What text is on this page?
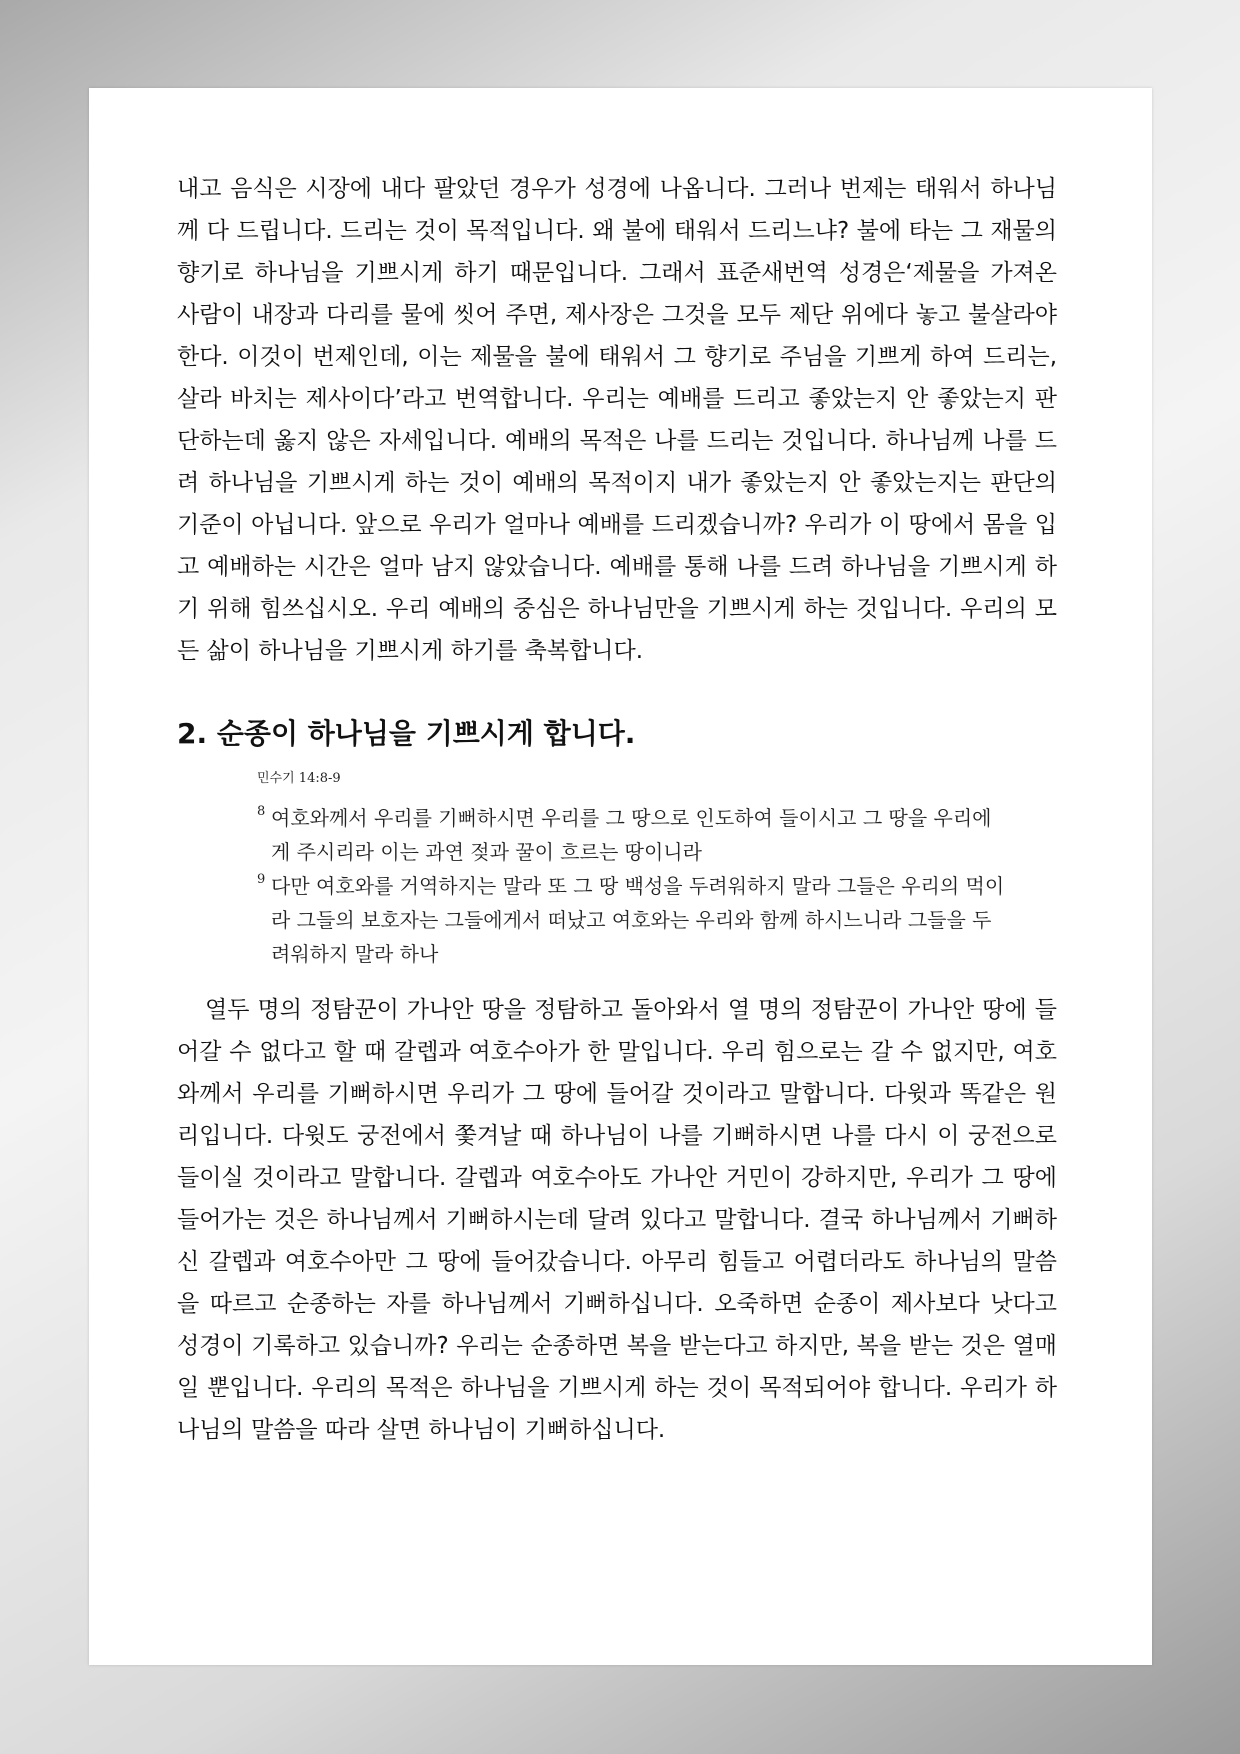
내고 음식은 시장에 내다 팔았던 경우가 성경에 나옵니다. 그러나 번제는 태워서 하나님께 다 드립니다. 드리는 것이 목적입니다. 왜 불에 태워서 드리느냐? 불에 타는 그 재물의 향기로 하나님을 기쁘시게 하기 때문입니다. 그래서 표준새번역 성경은‘제물을 가져온 사람이 내장과 다리를 물에 씻어 주면, 제사장은 그것을 모두 제단 위에다 놓고 불살라야 한다. 이것이 번제인데, 이는 제물을 불에 태워서 그 향기로 주님을 기쁘게 하여 드리는, 살라 바치는 제사이다’라고 번역합니다. 우리는 예배를 드리고 좋았는지 안 좋았는지 판단하는데 옳지 않은 자세입니다. 예배의 목적은 나를 드리는 것입니다. 하나님께 나를 드려 하나님을 기쁘시게 하는 것이 예배의 목적이지 내가 좋았는지 안 좋았는지는 판단의 기준이 아닙니다. 앞으로 우리가 얼마나 예배를 드리겠습니까? 우리가 이 땅에서 몸을 입고 예배하는 시간은 얼마 남지 않았습니다. 예배를 통해 나를 드려 하나님을 기쁘시게 하기 위해 힘쓰십시오. 우리 예배의 중심은 하나님만을 기쁘시게 하는 것입니다. 우리의 모든 삶이 하나님을 기쁘시게 하기를 축복합니다.

2. 순종이 하나님을 기쁘시게 합니다.
민수기 14:8-9

8 여호와께서 우리를 기뻐하시면 우리를 그 땅으로 인도하여 들이시고 그 땅을 우리에게 주시리라 이는 과연 젖과 꿀이 흐르는 땅이니라

9 다만 여호와를 거역하지는 말라 또 그 땅 백성을 두려워하지 말라 그들은 우리의 먹이라 그들의 보호자는 그들에게서 떠났고 여호와는 우리와 함께 하시느니라 그들을 두려워하지 말라 하나

열두 명의 정탐꾼이 가나안 땅을 정탐하고 돌아와서 열 명의 정탐꾼이 가나안 땅에 들어갈 수 없다고 할 때 갈렙과 여호수아가 한 말입니다. 우리 힘으로는 갈 수 없지만, 여호와께서 우리를 기뻐하시면 우리가 그 땅에 들어갈 것이라고 말합니다. 다윗과 똑같은 원리입니다. 다윗도 궁전에서 쫓겨날 때 하나님이 나를 기뻐하시면 나를 다시 이 궁전으로 들이실 것이라고 말합니다. 갈렙과 여호수아도 가나안 거민이 강하지만, 우리가 그 땅에 들어가는 것은 하나님께서 기뻐하시는데 달려 있다고 말합니다. 결국 하나님께서 기뻐하신 갈렙과 여호수아만 그 땅에 들어갔습니다. 아무리 힘들고 어렵더라도 하나님의 말씀을 따르고 순종하는 자를 하나님께서 기뻐하십니다. 오죽하면 순종이 제사보다 낫다고 성경이 기록하고 있습니까? 우리는 순종하면 복을 받는다고 하지만, 복을 받는 것은 열매일 뿐입니다. 우리의 목적은 하나님을 기쁘시게 하는 것이 목적되어야 합니다. 우리가 하나님의 말씀을 따라 살면 하나님이 기뻐하십니다.
